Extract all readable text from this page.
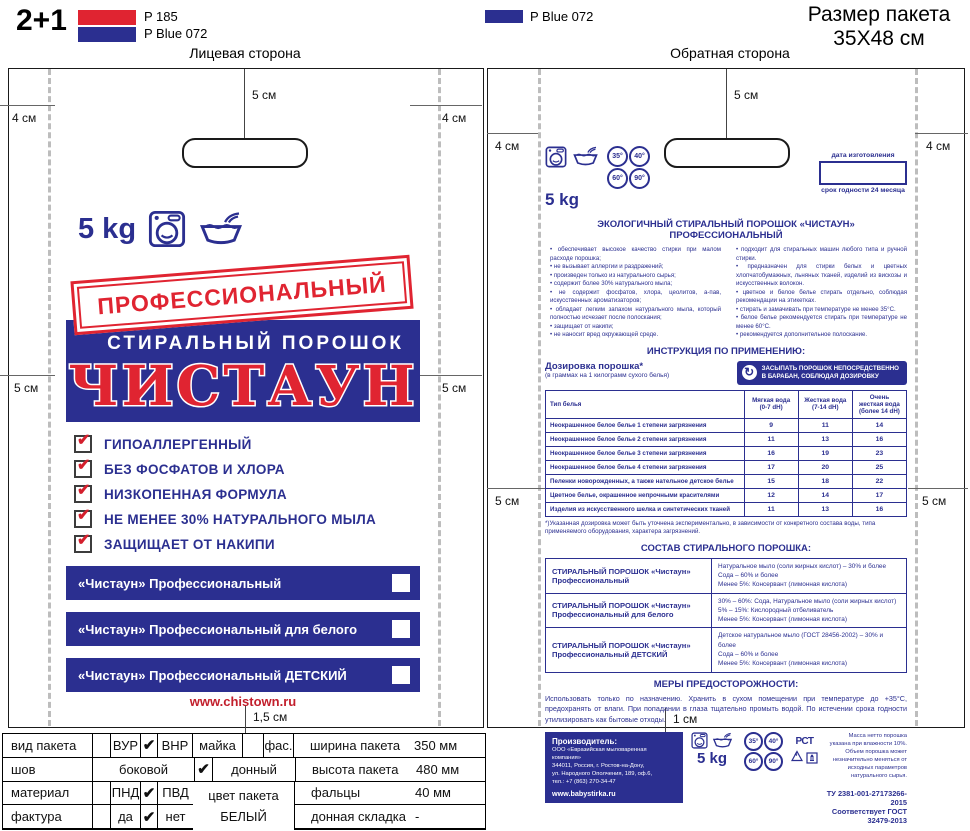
2+1	P 185
P Blue 072
Лицевая сторона
P Blue 072
Обратная сторона
Размер пакета
35X48 см
5 см	5 см
4 см	4 см
4 см	4 см
5 см	5 см
5 см	5 см
1,5 см	1 см
5 kg
ПРОФЕССИОНАЛЬНЫЙ
СТИРАЛЬНЫЙ ПОРОШОК
ЧИСТАУН
✔ ГИПОАЛЛЕРГЕННЫЙ
✔ БЕЗ ФОСФАТОВ И ХЛОРА
✔ НИЗКОПЕННАЯ ФОРМУЛА
✔ НЕ МЕНЕЕ 30% НАТУРАЛЬНОГО МЫЛА
✔ ЗАЩИЩАЕТ ОТ НАКИПИ
«Чистаун» Профессиональный
«Чистаун» Профессиональный для белого
«Чистаун» Профессиональный ДЕТСКИЙ
www.chistown.ru
35°	40°
60°	90°
5 kg
дата изготовления
срок годности 24 месяца
ЭКОЛОГИЧНЫЙ СТИРАЛЬНЫЙ ПОРОШОК «ЧИСТАУН» ПРОФЕССИОНАЛЬНЫЙ
• обеспечивает высокое качество стирки при малом расходе порошка;
• не вызывает аллергии и раздражений;
• произведен только из натурального сырья;
• содержит более 30% натурального мыла;
• не содержит фосфатов, хлора, цеолитов, а-пав, искусственных ароматизаторов;
• обладает легким запахом натурального мыла, который полностью исчезает после полоскания;
• защищает от накипи;
• не наносит вред окружающей среде.
• подходит для стиральных машин любого типа и ручной стирки.
• предназначен для стирки белых и цветных хлопчатобумажных, льняных тканей, изделий из вискозы и искусственных волокон.
• цветное и белое белье стирать отдельно, соблюдая рекомендации на этикетках.
• стирать и замачивать при температуре не менее 35°С.
• белое белье рекомендуется стирать при температуре не менее 60°С.
• рекомендуется дополнительное полоскание.
ИНСТРУКЦИЯ ПО ПРИМЕНЕНИЮ:
Дозировка порошка*
(в граммах на 1 килограмм сухого белья)	↻	ЗАСЫПАТЬ ПОРОШОК НЕПОСРЕДСТВЕННО
В БАРАБАН, СОБЛЮДАЯ ДОЗИРОВКУ
Тип белья	Мягкая вода (0-7 dH)	Жесткая вода (7-14 dH)	Очень жесткая вода (более 14 dH)
Неокрашенное белое белье 1 степени загрязнения	9	11	14
Неокрашенное белое белье 2 степени загрязнения	11	13	16
Неокрашенное белое белье 3 степени загрязнения	16	19	23
Неокрашенное белое белье 4 степени загрязнения	17	20	25
Пеленки новорожденных, а также нательное детское белье	15	18	22
Цветное белье, окрашенное непрочными красителями	12	14	17
Изделия из искусственного шелка и синтетических тканей	11	13	16
*)Указанная дозировка может быть уточнена экспериментально, в зависимости от конкретного состава воды, типа применяемого оборудования, характера загрязнений.
СОСТАВ СТИРАЛЬНОГО ПОРОШКА:
СТИРАЛЬНЫЙ ПОРОШОК «Чистаун» Профессиональный	Натуральное мыло (соли жирных кислот) – 30% и более
Сода – 60% и более
Менее 5%: Консервант (лимонная кислота)

СТИРАЛЬНЫЙ ПОРОШОК «Чистаун» Профессиональный для белого	30% – 60%: Сода, Натуральное мыло (соли жирных кислот)
5% – 15%: Кислородный отбеливатель
Менее 5%: Консервант (лимонная кислота)

СТИРАЛЬНЫЙ ПОРОШОК «Чистаун» Профессиональный ДЕТСКИЙ	Детское натуральное мыло (ГОСТ 28456-2002) – 30% и более
Сода – 60% и более
Менее 5%: Консервант (лимонная кислота)
МЕРЫ ПРЕДОСТОРОЖНОСТИ:
Использовать только по назначению. Хранить в сухом помещении при температуре до +35°С, предохранять от влаги. При попадании в глаза тщательно промыть водой. По истечении срока годности утилизировать как бытовые отходы.
Производитель:
ООО «Евразийская мыловаренная компания»
344011, Россия, г. Ростов-на-Дону,
ул. Народного Ополчения, 189, оф.6,
тел.: +7 (863) 270-34-47
www.babystirka.ru
5 kg
35°	40°
60°	90°
РСТ
4
Масса нетто порошка указана при влажности 10%. Объем порошка может незначительно меняться от исходных параметров натурального сырья.
ТУ 2381-001-27173266-2015
Соответствует ГОСТ 32479-2013
вид пакета	ВУР ✔ ВНР майка	фас.	ширина пакета 350 мм
шов	боковой	✔	донный	высота пакета 480 мм
материал	ПНД ✔ ПВД	фальцы	40 мм
фактура	да ✔ нет	донная складка -
цвет пакета
БЕЛЫЙ
